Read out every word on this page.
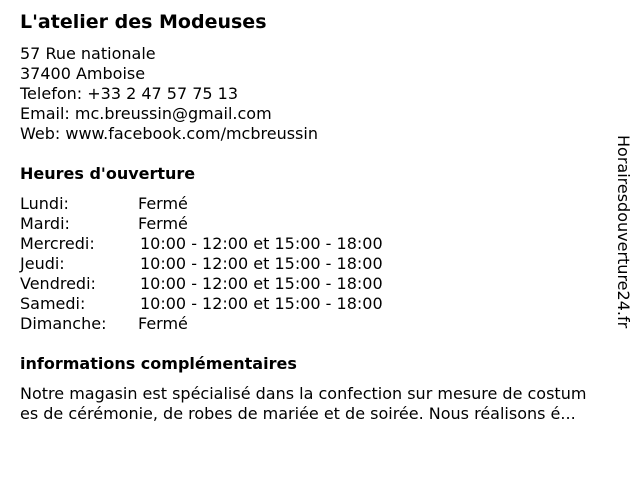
L'atelier des Modeuses
57 Rue nationale
37400 Amboise
Telefon: +33 2 47 57 75 13
Email: mc.breussin@gmail.com
Web: www.facebook.com/mcbreussin
Heures d'ouverture
Lundi:	Fermé
Mardi:	Fermé
Mercredi:	10:00 - 12:00 et 15:00 - 18:00
Jeudi:	10:00 - 12:00 et 15:00 - 18:00
Vendredi:	10:00 - 12:00 et 15:00 - 18:00
Samedi:	10:00 - 12:00 et 15:00 - 18:00
Dimanche: Fermé
informations complémentaires
Notre magasin est spécialisé dans la confection sur mesure de costum
es de cérémonie, de robes de mariée et de soirée. Nous réalisons é...
Horairesdouverture24.fr
